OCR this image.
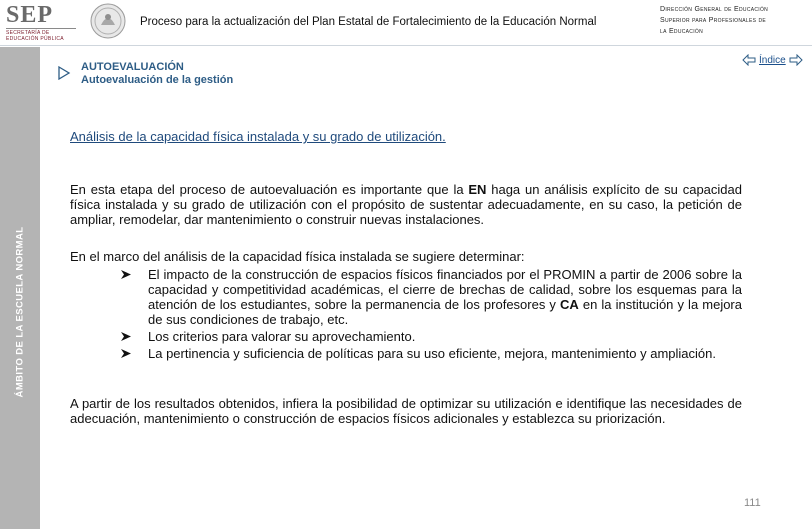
SEP
SECRETARÍA DE
EDUCACIÓN PÚBLICA
Proceso para la actualización del Plan Estatal de Fortalecimiento de la Educación Normal
Dirección General de Educación
Superior para Profesionales de
la Educación
ÁMBITO DE LA ESCUELA NORMAL
AUTOEVALUACIÓN
Autoevaluación de la gestión
Índice
Análisis de la capacidad física instalada y su grado de utilización.
En esta etapa del proceso de autoevaluación es importante que la EN haga un análisis explícito de su capacidad física instalada y su grado de utilización con el propósito de sustentar adecuadamente, en su caso, la petición de ampliar, remodelar, dar mantenimiento o construir nuevas instalaciones.
En el marco del análisis de la capacidad física instalada se sugiere determinar:
El impacto de la construcción de espacios físicos financiados por el PROMIN a partir de 2006 sobre la capacidad y competitividad académicas, el cierre de brechas de calidad, sobre los esquemas para la atención de los estudiantes, sobre la permanencia de los profesores y CA en la institución y la mejora de sus condiciones de trabajo, etc.
Los criterios para valorar su aprovechamiento.
La pertinencia y suficiencia de políticas para su uso eficiente, mejora, mantenimiento y ampliación.
A partir de los resultados obtenidos, infiera la posibilidad de optimizar su utilización e identifique las necesidades de adecuación, mantenimiento o construcción de espacios físicos adicionales y establezca su priorización.
111
